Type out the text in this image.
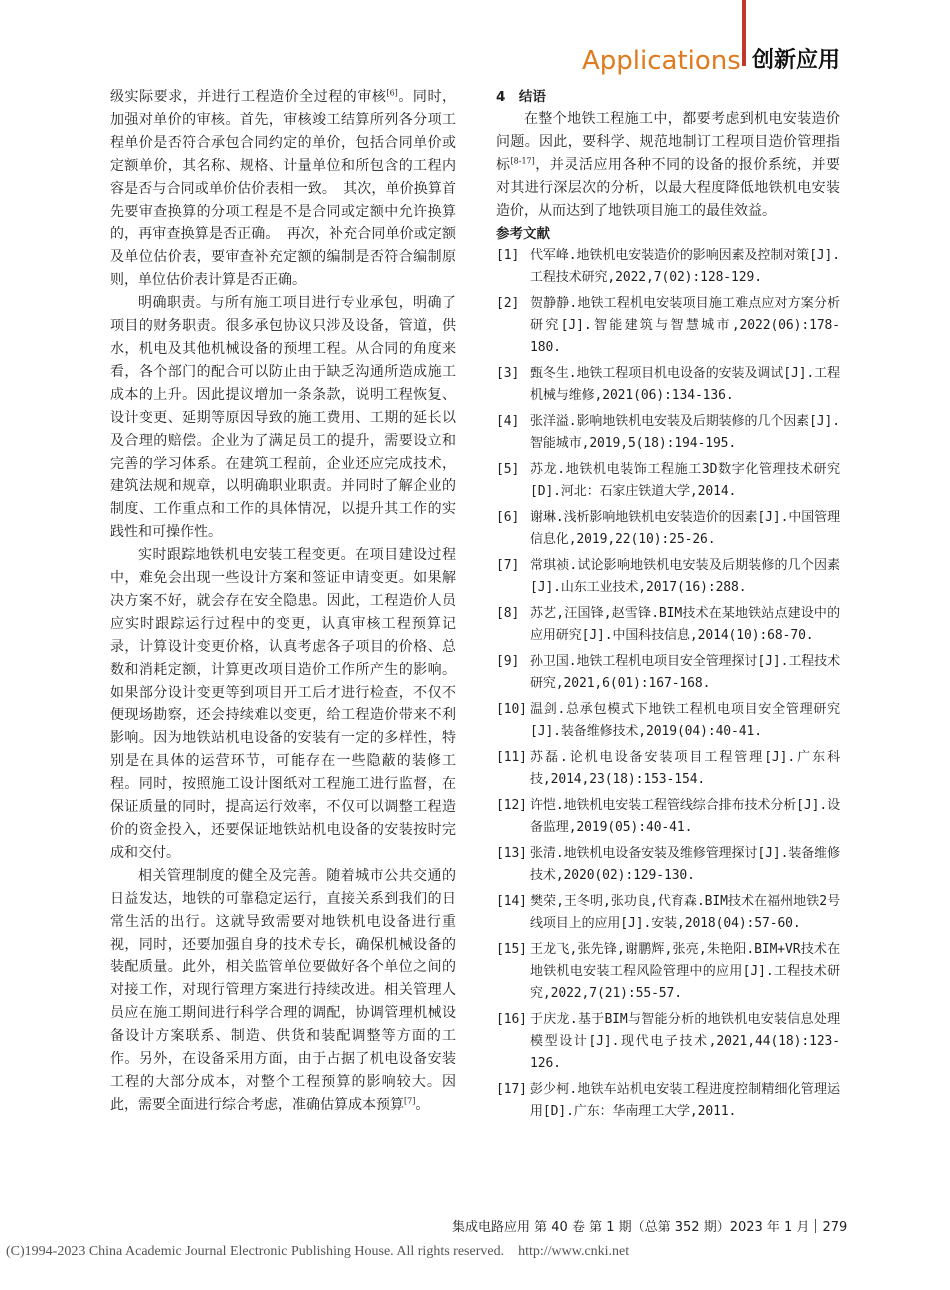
Applications 创新应用

级实际要求，并进行工程造价全过程的审核[6]。同时，加强对单价的审核。首先，审核竣工结算所列各分项工程单价是否符合承包合同约定的单价，包括合同单价或定额单价，其名称、规格、计量单位和所包含的工程内容是否与合同或单价估价表相一致。　其次，单价换算首先要审查换算的分项工程是不是合同或定额中允许换算的，再审查换算是否正确。　再次，补充合同单价或定额及单位估价表，要审查补充定额的编制是否符合编制原则，单位估价表计算是否正确。

明确职责。与所有施工项目进行专业承包，明确了项目的财务职责。很多承包协议只涉及设备，管道，供水，机电及其他机械设备的预埋工程。从合同的角度来看，各个部门的配合可以防止由于缺乏沟通所造成施工成本的上升。因此提议增加一条条款，说明工程恢复、设计变更、延期等原因导致的施工费用、工期的延长以及合理的赔偿。企业为了满足员工的提升，需要设立和完善的学习体系。在建筑工程前，企业还应完成技术，建筑法规和规章，以明确职业职责。并同时了解企业的制度、工作重点和工作的具体情况，以提升其工作的实践性和可操作性。

实时跟踪地铁机电安装工程变更。在项目建设过程中，难免会出现一些设计方案和签证申请变更。如果解决方案不好，就会存在安全隐患。因此，工程造价人员应实时跟踪运行过程中的变更，认真审核工程预算记录，计算设计变更价格，认真考虑各子项目的价格、总数和消耗定额，计算更改项目造价工作所产生的影响。如果部分设计变更等到项目开工后才进行检查，不仅不便现场勘察，还会持续难以变更，给工程造价带来不利影响。因为地铁站机电设备的安装有一定的多样性，特别是在具体的运营环节，可能存在一些隐蔽的装修工程。同时，按照施工设计图纸对工程施工进行监督，在保证质量的同时，提高运行效率，不仅可以调整工程造价的资金投入，还要保证地铁站机电设备的安装按时完成和交付。

相关管理制度的健全及完善。随着城市公共交通的日益发达，地铁的可靠稳定运行，直接关系到我们的日常生活的出行。这就导致需要对地铁机电设备进行重视，同时，还要加强自身的技术专长，确保机械设备的装配质量。此外，相关监管单位要做好各个单位之间的对接工作，对现行管理方案进行持续改进。相关管理人员应在施工期间进行科学合理的调配，协调管理机械设备设计方案联系、制造、供货和装配调整等方面的工作。另外，在设备采用方面，由于占据了机电设备安装工程的大部分成本，对整个工程预算的影响较大。因此，需要全面进行综合考虑，准确估算成本预算[7]。

4　结语

在整个地铁工程施工中，都要考虑到机电安装造价问题。因此，要科学、规范地制订工程项目造价管理指标[8-17]，并灵活应用各种不同的设备的报价系统，并要对其进行深层次的分析，以最大程度降低地铁机电安装造价，从而达到了地铁项目施工的最佳效益。

参考文献

[1] 代军峰.地铁机电安装造价的影响因素及控制对策[J].工程技术研究,2022,7(02):128-129.
[2] 贺静静.地铁工程机电安装项目施工难点应对方案分析研究[J].智能建筑与智慧城市,2022(06):178-180.
[3] 甄冬生.地铁工程项目机电设备的安装及调试[J].工程机械与维修,2021(06):134-136.
[4] 张洋溢.影响地铁机电安装及后期装修的几个因素[J].智能城市,2019,5(18):194-195.
[5] 苏龙.地铁机电装饰工程施工3D数字化管理技术研究[D].河北：石家庄铁道大学,2014.
[6] 谢琳.浅析影响地铁机电安装造价的因素[J].中国管理信息化,2019,22(10):25-26.
[7] 常琪祯.试论影响地铁机电安装及后期装修的几个因素[J].山东工业技术,2017(16):288.
[8] 苏艺,汪国锋,赵雪锋.BIM技术在某地铁站点建设中的应用研究[J].中国科技信息,2014(10):68-70.
[9] 孙卫国.地铁工程机电项目安全管理探讨[J].工程技术研究,2021,6(01):167-168.
[10] 温剑.总承包模式下地铁工程机电项目安全管理研究[J].装备维修技术,2019(04):40-41.
[11] 苏磊.论机电设备安装项目工程管理[J].广东科技,2014,23(18):153-154.
[12] 许恺.地铁机电安装工程管线综合排布技术分析[J].设备监理,2019(05):40-41.
[13] 张清.地铁机电设备安装及维修管理探讨[J].装备维修技术,2020(02):129-130.
[14] 樊荣,王冬明,张功良,代育森.BIM技术在福州地铁2号线项目上的应用[J].安装,2018(04):57-60.
[15] 王龙飞,张先锋,谢鹏辉,张亮,朱艳阳.BIM+VR技术在地铁机电安装工程风险管理中的应用[J].工程技术研究,2022,7(21):55-57.
[16] 于庆龙.基于BIM与智能分析的地铁机电安装信息处理模型设计[J].现代电子技术,2021,44(18):123-126.
[17] 彭少柯.地铁车站机电安装工程进度控制精细化管理运用[D].广东：华南理工大学,2011.
集成电路应用 第 40 卷 第 1 期（总第 352 期）2023 年 1 月 279
(C)1994-2023 China Academic Journal Electronic Publishing House. All rights reserved.　http://www.cnki.net
